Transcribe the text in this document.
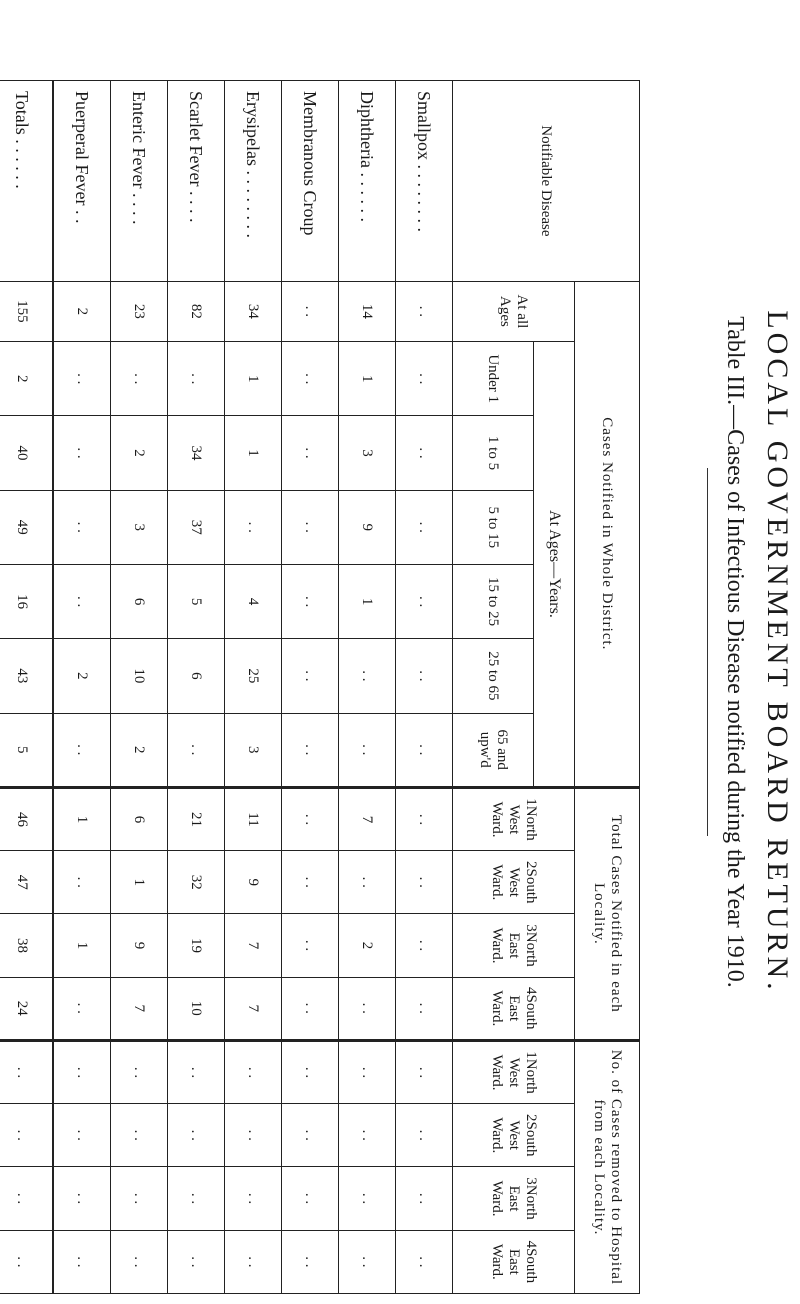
LOCAL GOVERNMENT BOARD RETURN.
Table III.—Cases of Infectious Disease notified during the Year 1910.
Notifiable Disease	Cases Notified in Whole District.							Total Cases Notified in each Locality.				No. of Cases removed to Hospital from each Locality.			
	At all Ages	At Ages—Years.						1North West Ward.	2South West Ward.	3North East Ward.	4South East Ward.	1North West Ward.	2South West Ward.	3North East Ward.	4South East Ward.
		Under 1	1 to 5	5 to 15	15 to 25	25 to 65	65 and upw'd								
Smallpox . . . . . . . .	. .	. .	. .	. .	. .	. .	. .	. .	. .	. .	. .	. .	. .	. .	. .
Diphtheria . . . . . .	14	1	3	9	1	. .	. .	7	. .	2	. .	. .	. .	. .	. .
Membranous Croup	. .	. .	. .	. .	. .	. .	. .	. .	. .	. .	. .	. .	. .	. .	. .
Erysipelas . . . . . . . .	34	1	1	. .	4	25	3	11	9	7	7	. .	. .	. .	. .
Scarlet Fever . . . .	82	. .	34	37	5	6	. .	21	32	19	10	. .	. .	. .	. .
Enteric Fever . . . .	23	. .	2	3	6	10	2	6	1	9	7	. .	. .	. .	. .
Puerperal Fever . .	2	. .	. .	. .	. .	2	. .	1	. .	1	. .	. .	. .	. .	. .
Totals . . . . . .	155	2	40	49	16	43	5	46	47	38	24	. .	. .	. .	. .
